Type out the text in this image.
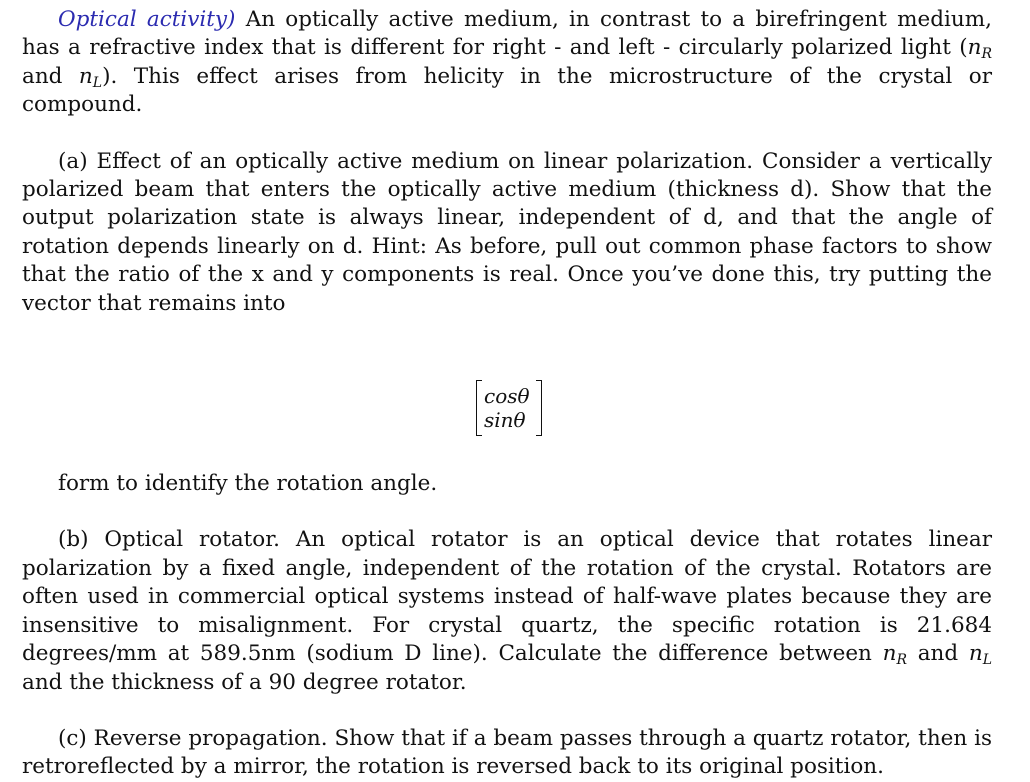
Optical activity) An optically active medium, in contrast to a birefringent medium, has a refractive index that is different for right - and left - circularly polarized light ($n_R$ and $n_L$). This effect arises from helicity in the microstructure of the crystal or compound.

(a) Effect of an optically active medium on linear polarization. Consider a vertically polarized beam that enters the optically active medium (thickness d). Show that the output polarization state is always linear, independent of d, and that the angle of rotation depends linearly on d. Hint: As before, pull out common phase factors to show that the ratio of the x and y components is real. Once you’ve done this, try putting the vector that remains into

cosθ
sinθ

form to identify the rotation angle.

(b) Optical rotator. An optical rotator is an optical device that rotates linear polarization by a fixed angle, independent of the rotation of the crystal. Rotators are often used in commercial optical systems instead of half-wave plates because they are insensitive to misalignment. For crystal quartz, the specific rotation is 21.684 degrees/mm at 589.5nm (sodium D line). Calculate the difference between $n_R$ and $n_L$ and the thickness of a 90 degree rotator.

(c) Reverse propagation. Show that if a beam passes through a quartz rotator, then is retroreflected by a mirror, the rotation is reversed back to its original position.
